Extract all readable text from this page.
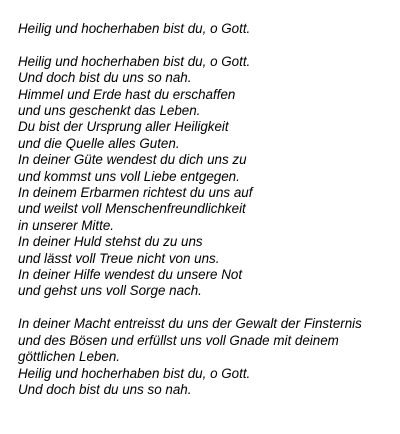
Heilig und hocherhaben bist du, o Gott.
Heilig und hocherhaben bist du, o Gott.
Und doch bist du uns so nah.
Himmel und Erde hast du erschaffen
und uns geschenkt das Leben.
Du bist der Ursprung aller Heiligkeit
und die Quelle alles Guten.
In deiner Güte wendest du dich uns zu
und kommst uns voll Liebe entgegen.
In deinem Erbarmen richtest du uns auf
und weilst voll Menschenfreundlichkeit
in unserer Mitte.
In deiner Huld stehst du zu uns
und lässt voll Treue nicht von uns.
In deiner Hilfe wendest du unsere Not
und gehst uns voll Sorge nach.
In deiner Macht entreisst du uns der Gewalt der Finsternis
und des Bösen und erfüllst uns voll Gnade mit deinem
göttlichen Leben.
Heilig und hocherhaben bist du, o Gott.
Und doch bist du uns so nah.
